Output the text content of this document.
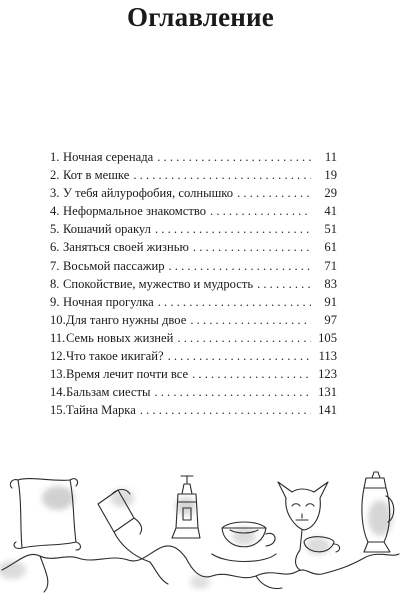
Оглавление
1. Ночная серенада . . .	11
2. Кот в мешке . . .	19
3. У тебя айлурофобия, солнышко . . .	29
4. Неформальное знакомство . . .	41
5. Кошачий оракул . . .	51
6. Заняться своей жизнью . . .	61
7. Восьмой пассажир . . .	71
8. Спокойствие, мужество и мудрость . . .	83
9. Ночная прогулка . . .	91
10. Для танго нужны двое . . .	97
11. Семь новых жизней . . .	105
12. Что такое икигай? . . .	113
13. Время лечит почти все . . .	123
14. Бальзам сиесты . . .	131
15. Тайна Марка . . .	141
